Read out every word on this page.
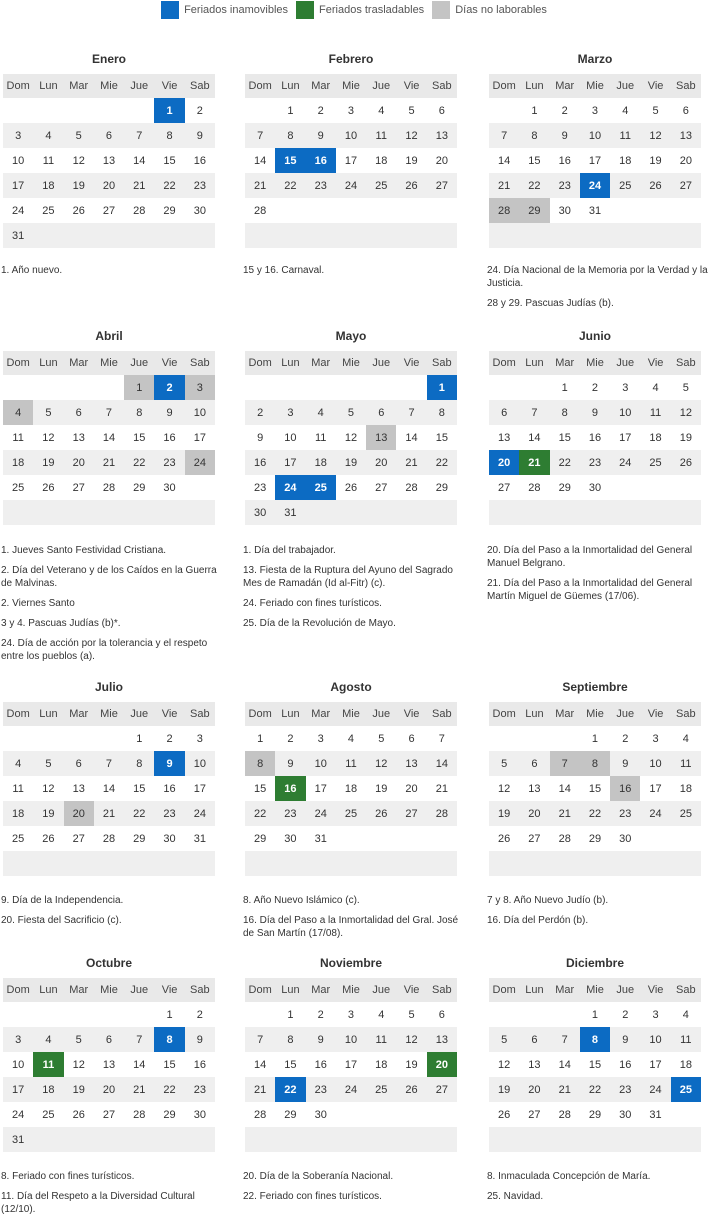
Feriados inamovibles	Feriados trasladables	Días no laborables
Enero
Dom	Lun	Mar	Mie	Jue	Vie	Sab
					1	2
3	4	5	6	7	8	9
10	11	12	13	14	15	16
17	18	19	20	21	22	23
24	25	26	27	28	29	30
31						

1. Año nuevo.

Febrero
Dom	Lun	Mar	Mie	Jue	Vie	Sab
	1	2	3	4	5	6
7	8	9	10	11	12	13
14	15	16	17	18	19	20
21	22	23	24	25	26	27
28						

15 y 16. Carnaval.

Marzo
Dom	Lun	Mar	Mie	Jue	Vie	Sab
	1	2	3	4	5	6
7	8	9	10	11	12	13
14	15	16	17	18	19	20
21	22	23	24	25	26	27
28	29	30	31			

24. Día Nacional de la Memoria por la Verdad y la Justicia.

28 y 29. Pascuas Judías (b).

Abril
Dom	Lun	Mar	Mie	Jue	Vie	Sab
				1	2	3
4	5	6	7	8	9	10
11	12	13	14	15	16	17
18	19	20	21	22	23	24
25	26	27	28	29	30	

1. Jueves Santo Festividad Cristiana.

2. Día del Veterano y de los Caídos en la Guerra de Malvinas.

2. Viernes Santo

3 y 4. Pascuas Judías (b)*.

24. Día de acción por la tolerancia y el respeto entre los pueblos (a).

Mayo
Dom	Lun	Mar	Mie	Jue	Vie	Sab
						1
2	3	4	5	6	7	8
9	10	11	12	13	14	15
16	17	18	19	20	21	22
23	24	25	26	27	28	29
30	31					

1. Día del trabajador.

13. Fiesta de la Ruptura del Ayuno del Sagrado Mes de Ramadán (Id al-Fitr) (c).

24. Feriado con fines turísticos.

25. Día de la Revolución de Mayo.

Junio
Dom	Lun	Mar	Mie	Jue	Vie	Sab
		1	2	3	4	5
6	7	8	9	10	11	12
13	14	15	16	17	18	19
20	21	22	23	24	25	26
27	28	29	30			

20. Día del Paso a la Inmortalidad del General Manuel Belgrano.

21. Día del Paso a la Inmortalidad del General Martín Miguel de Güemes (17/06).

Julio
Dom	Lun	Mar	Mie	Jue	Vie	Sab
				1	2	3
4	5	6	7	8	9	10
11	12	13	14	15	16	17
18	19	20	21	22	23	24
25	26	27	28	29	30	31

9. Día de la Independencia.

20. Fiesta del Sacrificio (c).

Agosto
Dom	Lun	Mar	Mie	Jue	Vie	Sab
1	2	3	4	5	6	7
8	9	10	11	12	13	14
15	16	17	18	19	20	21
22	23	24	25	26	27	28
29	30	31				

8. Año Nuevo Islámico (c).

16. Día del Paso a la Inmortalidad del Gral. José de San Martín (17/08).

Septiembre
Dom	Lun	Mar	Mie	Jue	Vie	Sab
			1	2	3	4
5	6	7	8	9	10	11
12	13	14	15	16	17	18
19	20	21	22	23	24	25
26	27	28	29	30		

7 y 8. Año Nuevo Judío (b).

16. Día del Perdón (b).

Octubre
Dom	Lun	Mar	Mie	Jue	Vie	Sab
					1	2
3	4	5	6	7	8	9
10	11	12	13	14	15	16
17	18	19	20	21	22	23
24	25	26	27	28	29	30
31						

8. Feriado con fines turísticos.

11. Día del Respeto a la Diversidad Cultural (12/10).

Noviembre
Dom	Lun	Mar	Mie	Jue	Vie	Sab
	1	2	3	4	5	6
7	8	9	10	11	12	13
14	15	16	17	18	19	20
21	22	23	24	25	26	27
28	29	30				

20. Día de la Soberanía Nacional.

22. Feriado con fines turísticos.

Diciembre
Dom	Lun	Mar	Mie	Jue	Vie	Sab
			1	2	3	4
5	6	7	8	9	10	11
12	13	14	15	16	17	18
19	20	21	22	23	24	25
26	27	28	29	30	31	

8. Inmaculada Concepción de María.

25. Navidad.
